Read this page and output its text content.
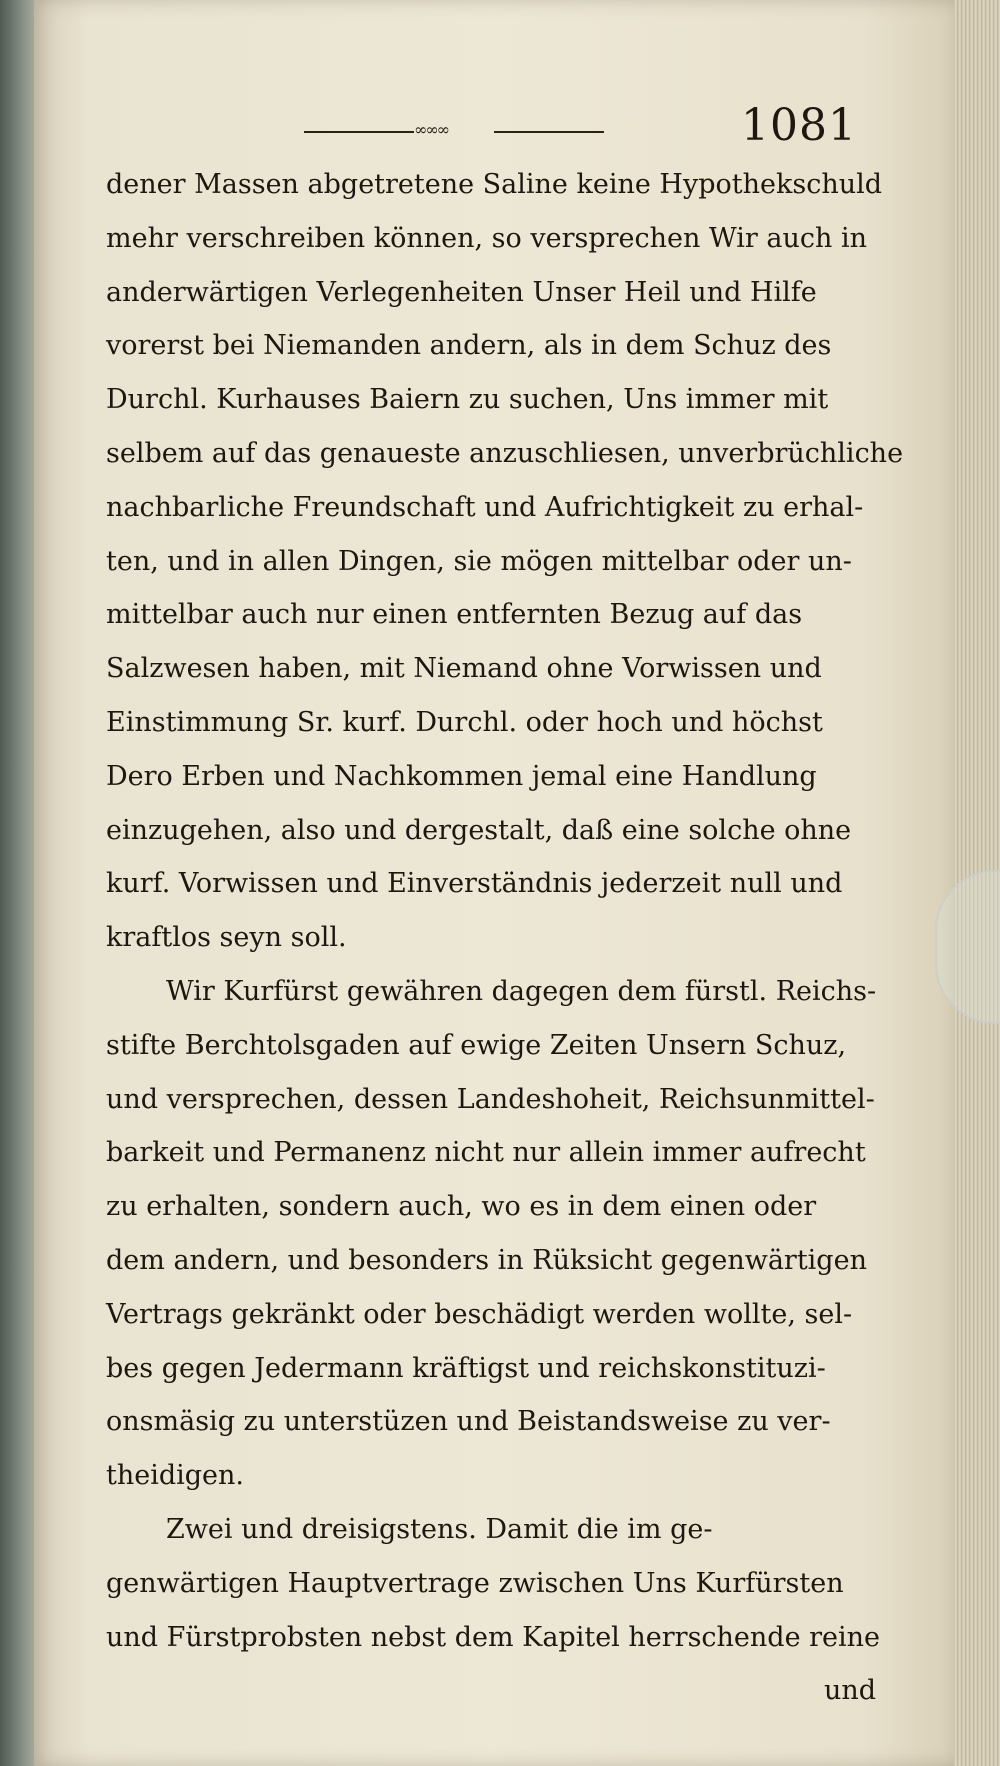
∞∞∞	1081
dener Massen abgetretene Saline keine Hypothekschuld
mehr verschreiben können, so versprechen Wir auch in
anderwärtigen Verlegenheiten Unser Heil und Hilfe
vorerst bei Niemanden andern, als in dem Schuz des
Durchl. Kurhauses Baiern zu suchen, Uns immer mit
selbem auf das genaueste anzuschliesen, unverbrüchliche
nachbarliche Freundschaft und Aufrichtigkeit zu erhal-
ten, und in allen Dingen, sie mögen mittelbar oder un-
mittelbar auch nur einen entfernten Bezug auf das
Salzwesen haben, mit Niemand ohne Vorwissen und
Einstimmung Sr. kurf. Durchl. oder hoch und höchst
Dero Erben und Nachkommen jemal eine Handlung
einzugehen, also und dergestalt, daß eine solche ohne
kurf. Vorwissen und Einverständnis jederzeit null und
kraftlos seyn soll.
Wir Kurfürst gewähren dagegen dem fürstl. Reichs-
stifte Berchtolsgaden auf ewige Zeiten Unsern Schuz,
und versprechen, dessen Landeshoheit, Reichsunmittel-
barkeit und Permanenz nicht nur allein immer aufrecht
zu erhalten, sondern auch, wo es in dem einen oder
dem andern, und besonders in Rüksicht gegenwärtigen
Vertrags gekränkt oder beschädigt werden wollte, sel-
bes gegen Jedermann kräftigst und reichskonstituzi-
onsmäsig zu unterstüzen und Beistandsweise zu ver-
theidigen.
Zwei und dreisigstens. Damit die im ge-
genwärtigen Hauptvertrage zwischen Uns Kurfürsten
und Fürstprobsten nebst dem Kapitel herrschende reine
und
